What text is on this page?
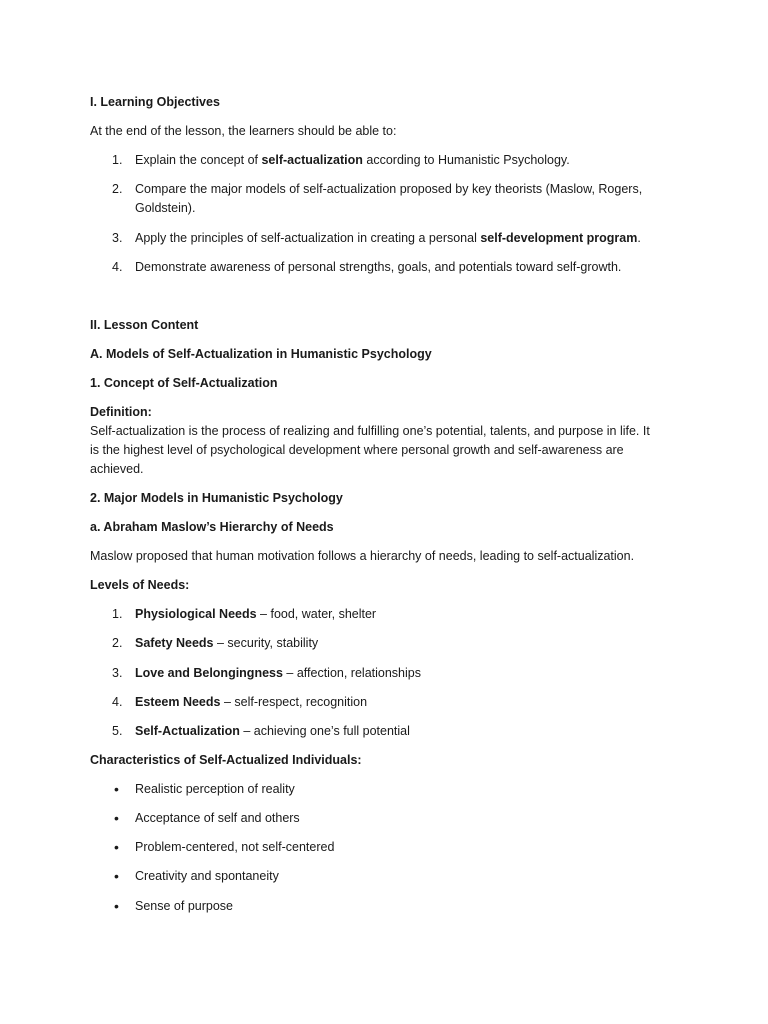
I. Learning Objectives
At the end of the lesson, the learners should be able to:
1.	Explain the concept of self-actualization according to Humanistic Psychology.
2.	Compare the major models of self-actualization proposed by key theorists (Maslow, Rogers, Goldstein).
3.	Apply the principles of self-actualization in creating a personal self-development program.
4.	Demonstrate awareness of personal strengths, goals, and potentials toward self-growth.
II. Lesson Content
A. Models of Self-Actualization in Humanistic Psychology
1. Concept of Self-Actualization
Definition:
Self-actualization is the process of realizing and fulfilling one’s potential, talents, and purpose in life. It is the highest level of psychological development where personal growth and self-awareness are achieved.
2. Major Models in Humanistic Psychology
a. Abraham Maslow’s Hierarchy of Needs
Maslow proposed that human motivation follows a hierarchy of needs, leading to self-actualization.
Levels of Needs:
1.	Physiological Needs – food, water, shelter
2.	Safety Needs – security, stability
3.	Love and Belongingness – affection, relationships
4.	Esteem Needs – self-respect, recognition
5.	Self-Actualization – achieving one’s full potential
Characteristics of Self-Actualized Individuals:
•	Realistic perception of reality
•	Acceptance of self and others
•	Problem-centered, not self-centered
•	Creativity and spontaneity
•	Sense of purpose
